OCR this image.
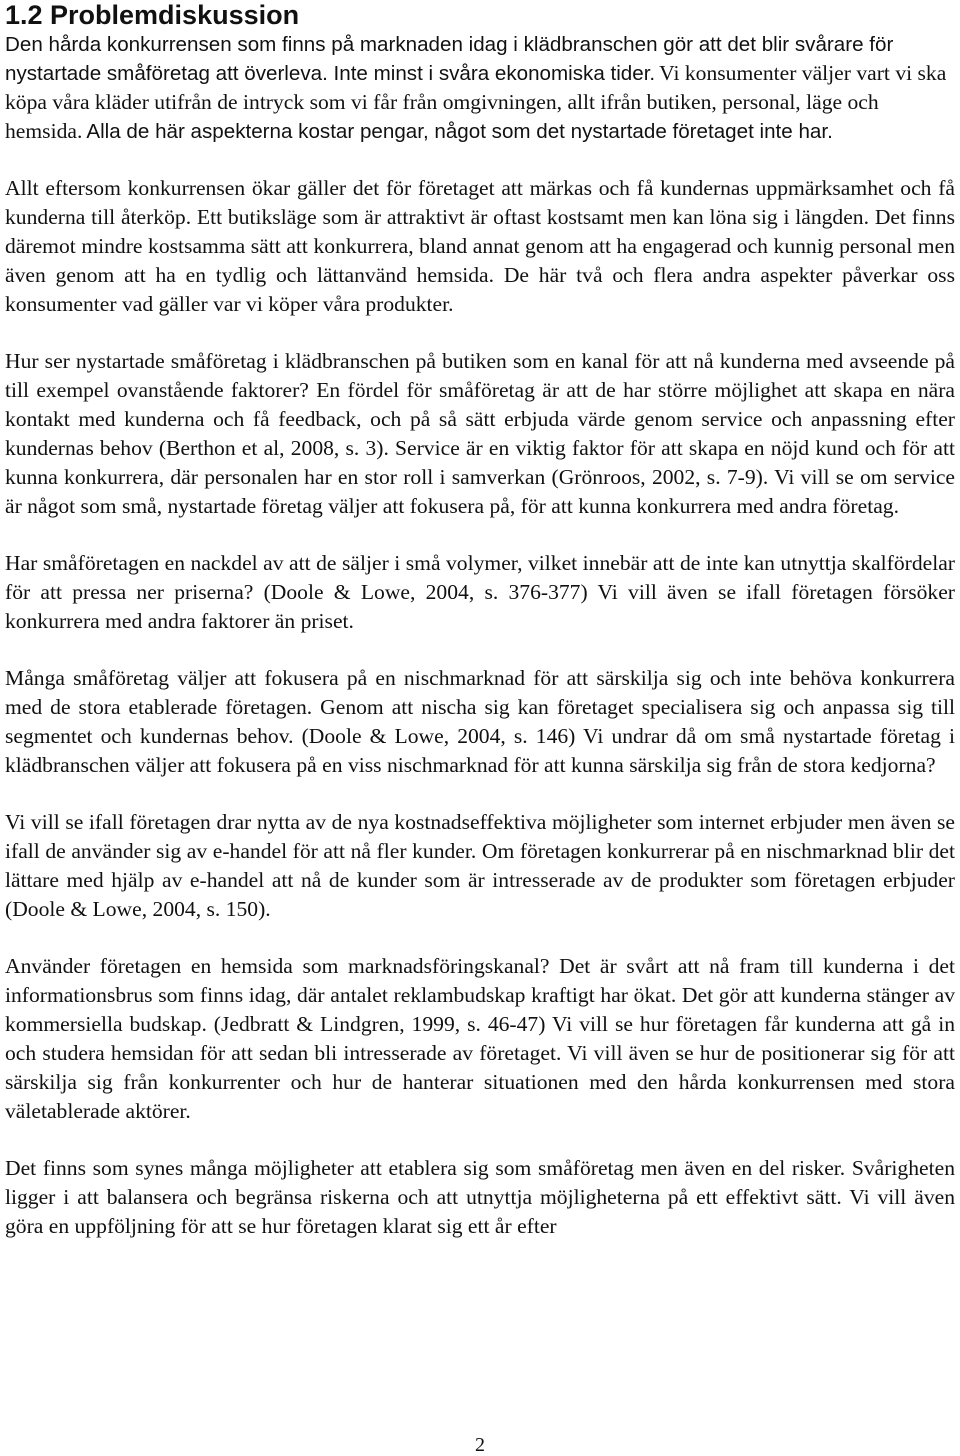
1.2 Problemdiskussion

Den hårda konkurrensen som finns på marknaden idag i klädbranschen gör att det blir svårare för nystartade småföretag att överleva. Inte minst i svåra ekonomiska tider. Vi konsumenter väljer vart vi ska köpa våra kläder utifrån de intryck som vi får från omgivningen, allt ifrån butiken, personal, läge och hemsida. Alla de här aspekterna kostar pengar, något som det nystartade företaget inte har.

Allt eftersom konkurrensen ökar gäller det för företaget att märkas och få kundernas uppmärksamhet och få kunderna till återköp. Ett butiksläge som är attraktivt är oftast kostsamt men kan löna sig i längden. Det finns däremot mindre kostsamma sätt att konkurrera, bland annat genom att ha engagerad och kunnig personal men även genom att ha en tydlig och lättanvänd hemsida. De här två och flera andra aspekter påverkar oss konsumenter vad gäller var vi köper våra produkter.

Hur ser nystartade småföretag i klädbranschen på butiken som en kanal för att nå kunderna med avseende på till exempel ovanstående faktorer? En fördel för småföretag är att de har större möjlighet att skapa en nära kontakt med kunderna och få feedback, och på så sätt erbjuda värde genom service och anpassning efter kundernas behov (Berthon et al, 2008, s. 3). Service är en viktig faktor för att skapa en nöjd kund och för att kunna konkurrera, där personalen har en stor roll i samverkan (Grönroos, 2002, s. 7-9). Vi vill se om service är något som små, nystartade företag väljer att fokusera på, för att kunna konkurrera med andra företag.

Har småföretagen en nackdel av att de säljer i små volymer, vilket innebär att de inte kan utnyttja skalfördelar för att pressa ner priserna? (Doole & Lowe, 2004, s. 376-377) Vi vill även se ifall företagen försöker konkurrera med andra faktorer än priset.

Många småföretag väljer att fokusera på en nischmarknad för att särskilja sig och inte behöva konkurrera med de stora etablerade företagen. Genom att nischa sig kan företaget specialisera sig och anpassa sig till segmentet och kundernas behov. (Doole & Lowe, 2004, s. 146) Vi undrar då om små nystartade företag i klädbranschen väljer att fokusera på en viss nischmarknad för att kunna särskilja sig från de stora kedjorna?

Vi vill se ifall företagen drar nytta av de nya kostnadseffektiva möjligheter som internet erbjuder men även se ifall de använder sig av e-handel för att nå fler kunder. Om företagen konkurrerar på en nischmarknad blir det lättare med hjälp av e-handel att nå de kunder som är intresserade av de produkter som företagen erbjuder (Doole & Lowe, 2004, s. 150).

Använder företagen en hemsida som marknadsföringskanal? Det är svårt att nå fram till kunderna i det informationsbrus som finns idag, där antalet reklambudskap kraftigt har ökat. Det gör att kunderna stänger av kommersiella budskap. (Jedbratt & Lindgren, 1999, s. 46-47) Vi vill se hur företagen får kunderna att gå in och studera hemsidan för att sedan bli intresserade av företaget. Vi vill även se hur de positionerar sig för att särskilja sig från konkurrenter och hur de hanterar situationen med den hårda konkurrensen med stora väletablerade aktörer.

Det finns som synes många möjligheter att etablera sig som småföretag men även en del risker. Svårigheten ligger i att balansera och begränsa riskerna och att utnyttja möjligheterna på ett effektivt sätt. Vi vill även göra en uppföljning för att se hur företagen klarat sig ett år efter

2
